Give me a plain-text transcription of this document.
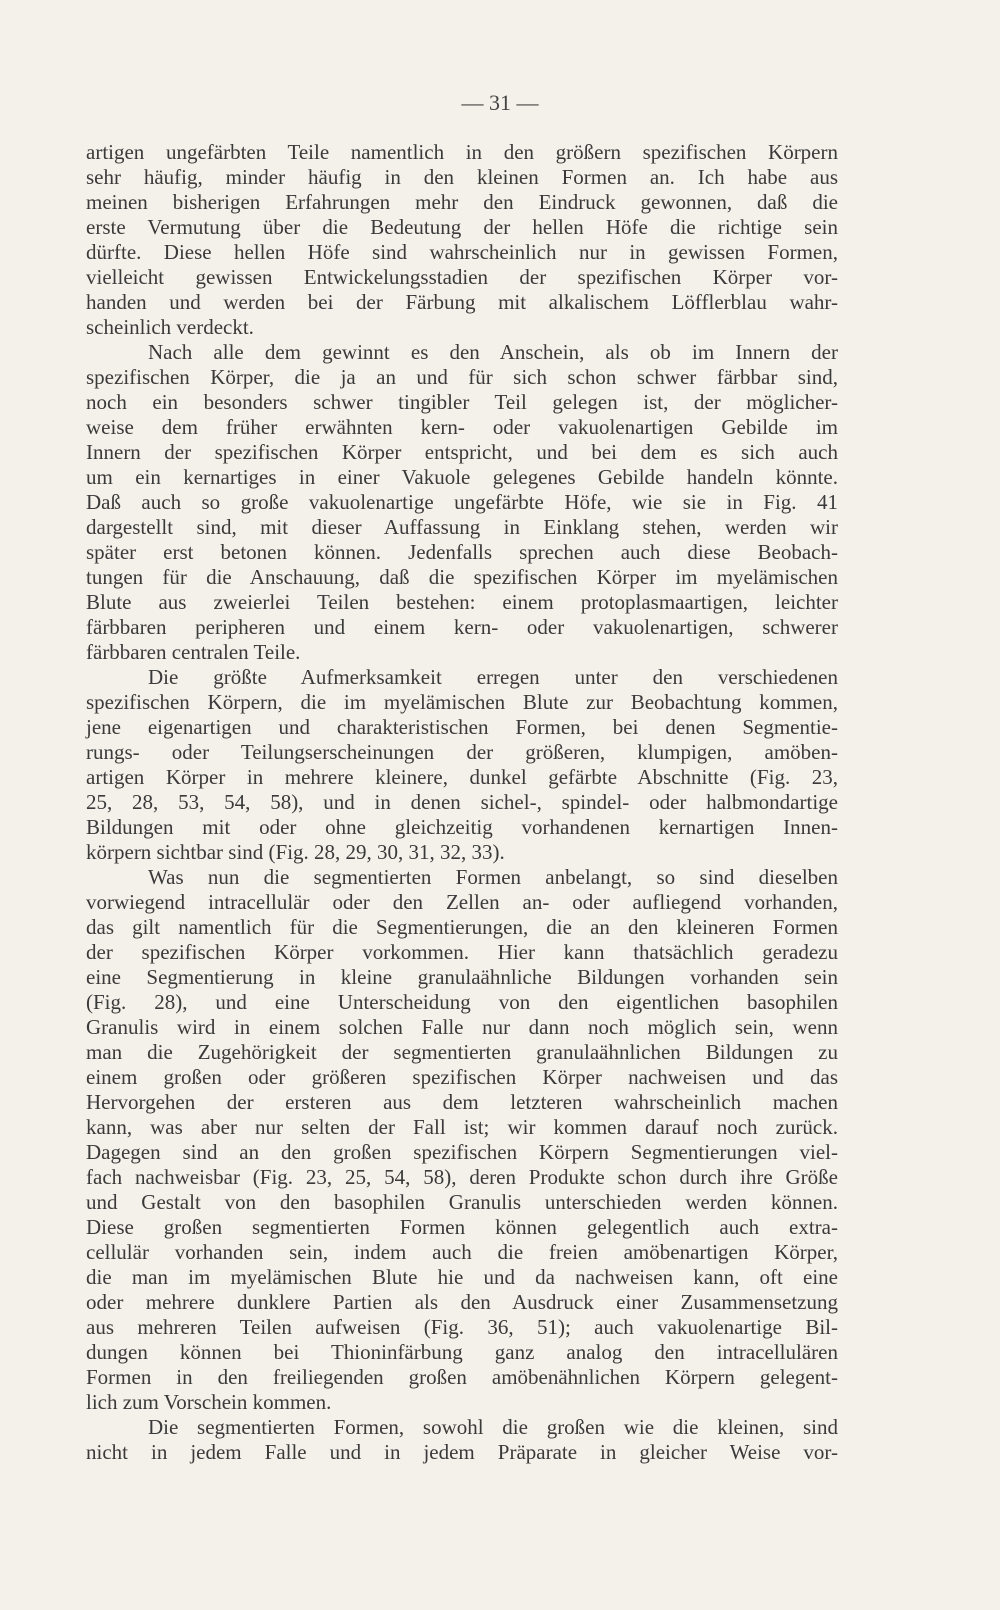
— 31 —
artigen ungefärbten Teile namentlich in den größern spezifischen Körpern
sehr häufig, minder häufig in den kleinen Formen an. Ich habe aus
meinen bisherigen Erfahrungen mehr den Eindruck gewonnen, daß die
erste Vermutung über die Bedeutung der hellen Höfe die richtige sein
dürfte. Diese hellen Höfe sind wahrscheinlich nur in gewissen Formen,
vielleicht gewissen Entwickelungsstadien der spezifischen Körper vor-
handen und werden bei der Färbung mit alkalischem Löfflerblau wahr-
scheinlich verdeckt.
Nach alle dem gewinnt es den Anschein, als ob im Innern der
spezifischen Körper, die ja an und für sich schon schwer färbbar sind,
noch ein besonders schwer tingibler Teil gelegen ist, der möglicher-
weise dem früher erwähnten kern- oder vakuolenartigen Gebilde im
Innern der spezifischen Körper entspricht, und bei dem es sich auch
um ein kernartiges in einer Vakuole gelegenes Gebilde handeln könnte.
Daß auch so große vakuolenartige ungefärbte Höfe, wie sie in Fig. 41
dargestellt sind, mit dieser Auffassung in Einklang stehen, werden wir
später erst betonen können. Jedenfalls sprechen auch diese Beobach-
tungen für die Anschauung, daß die spezifischen Körper im myelämischen
Blute aus zweierlei Teilen bestehen: einem protoplasmaartigen, leichter
färbbaren peripheren und einem kern- oder vakuolenartigen, schwerer
färbbaren centralen Teile.
Die größte Aufmerksamkeit erregen unter den verschiedenen
spezifischen Körpern, die im myelämischen Blute zur Beobachtung kommen,
jene eigenartigen und charakteristischen Formen, bei denen Segmentie-
rungs- oder Teilungserscheinungen der größeren, klumpigen, amöben-
artigen Körper in mehrere kleinere, dunkel gefärbte Abschnitte (Fig. 23,
25, 28, 53, 54, 58), und in denen sichel-, spindel- oder halbmondartige
Bildungen mit oder ohne gleichzeitig vorhandenen kernartigen Innen-
körpern sichtbar sind (Fig. 28, 29, 30, 31, 32, 33).
Was nun die segmentierten Formen anbelangt, so sind dieselben
vorwiegend intracellulär oder den Zellen an- oder aufliegend vorhanden,
das gilt namentlich für die Segmentierungen, die an den kleineren Formen
der spezifischen Körper vorkommen. Hier kann thatsächlich geradezu
eine Segmentierung in kleine granulaähnliche Bildungen vorhanden sein
(Fig. 28), und eine Unterscheidung von den eigentlichen basophilen
Granulis wird in einem solchen Falle nur dann noch möglich sein, wenn
man die Zugehörigkeit der segmentierten granulaähnlichen Bildungen zu
einem großen oder größeren spezifischen Körper nachweisen und das
Hervorgehen der ersteren aus dem letzteren wahrscheinlich machen
kann, was aber nur selten der Fall ist; wir kommen darauf noch zurück.
Dagegen sind an den großen spezifischen Körpern Segmentierungen viel-
fach nachweisbar (Fig. 23, 25, 54, 58), deren Produkte schon durch ihre Größe
und Gestalt von den basophilen Granulis unterschieden werden können.
Diese großen segmentierten Formen können gelegentlich auch extra-
cellulär vorhanden sein, indem auch die freien amöbenartigen Körper,
die man im myelämischen Blute hie und da nachweisen kann, oft eine
oder mehrere dunklere Partien als den Ausdruck einer Zusammensetzung
aus mehreren Teilen aufweisen (Fig. 36, 51); auch vakuolenartige Bil-
dungen können bei Thioninfärbung ganz analog den intracellulären
Formen in den freiliegenden großen amöbenähnlichen Körpern gelegent-
lich zum Vorschein kommen.
Die segmentierten Formen, sowohl die großen wie die kleinen, sind
nicht in jedem Falle und in jedem Präparate in gleicher Weise vor-
